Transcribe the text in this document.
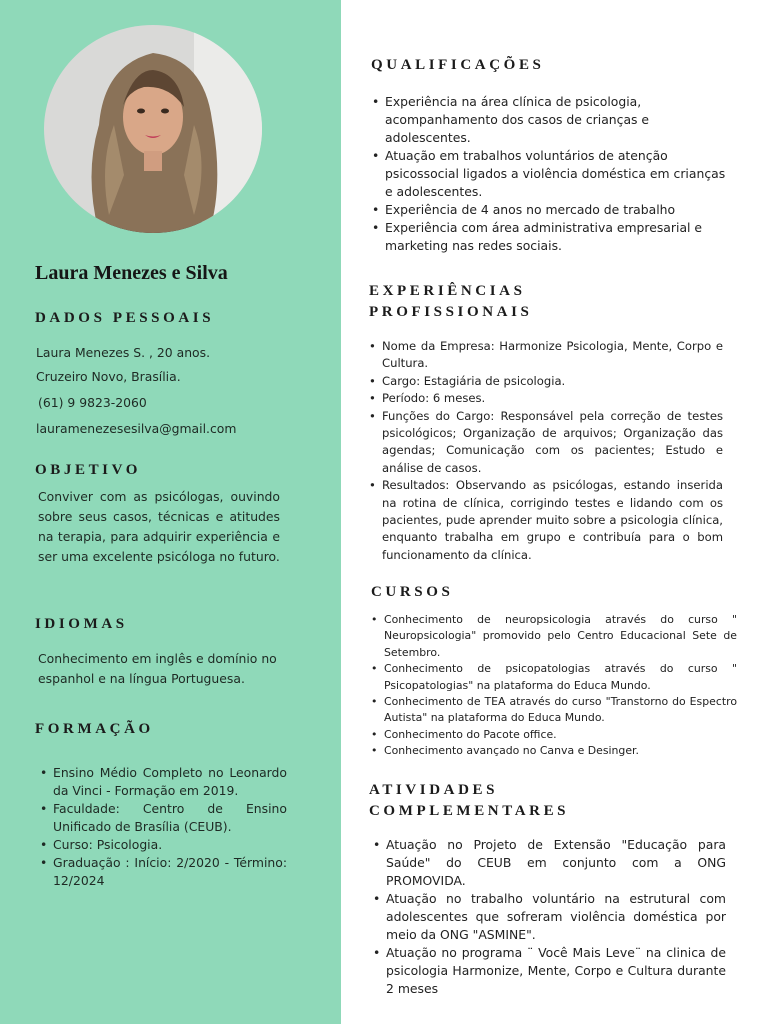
Laura Menezes e Silva
DADOS PESSOAIS

Laura Menezes S. , 20 anos.

Cruzeiro Novo, Brasília.

(61) 9 9823-2060

lauramenezesesilva@gmail.com

OBJETIVO

Conviver com as psicólogas, ouvindo sobre seus casos, técnicas e atitudes na terapia, para adquirir experiência e ser uma excelente psicóloga no futuro.

IDIOMAS

Conhecimento em inglês e domínio no espanhol e na língua Portuguesa.

FORMAÇÃO
• Ensino Médio Completo no Leonardo da Vinci - Formação em 2019.
• Faculdade: Centro de Ensino Unificado de Brasília (CEUB).
• Curso: Psicologia.
• Graduação : Início: 2/2020 - Término: 12/2024
QUALIFICAÇÕES
• Experiência na área clínica de psicologia, acompanhamento dos casos de crianças e adolescentes.
• Atuação em trabalhos voluntários de atenção psicossocial ligados a violência doméstica em crianças e adolescentes.
• Experiência de 4 anos no mercado de trabalho
• Experiência com área administrativa empresarial e marketing nas redes sociais.
EXPERIÊNCIAS
PROFISSIONAIS
• Nome da Empresa: Harmonize Psicologia, Mente, Corpo e Cultura.
• Cargo: Estagiária de psicologia.
• Período: 6 meses.
• Funções do Cargo: Responsável pela correção de testes psicológicos; Organização de arquivos; Organização das agendas; Comunicação com os pacientes; Estudo e análise de casos.
• Resultados: Observando as psicólogas, estando inserida na rotina de clínica, corrigindo testes e lidando com os pacientes, pude aprender muito sobre a psicologia clínica, enquanto trabalha em grupo e contribuía para o bom funcionamento da clínica.
CURSOS
• Conhecimento de neuropsicologia através do curso " Neuropsicologia" promovido pelo Centro Educacional Sete de Setembro.
• Conhecimento de psicopatologias através do curso " Psicopatologias" na plataforma do Educa Mundo.
• Conhecimento de TEA através do curso "Transtorno do Espectro Autista" na plataforma do Educa Mundo.
• Conhecimento do Pacote office.
• Conhecimento avançado no Canva e Desinger.
ATIVIDADES
COMPLEMENTARES
• Atuação no Projeto de Extensão "Educação para Saúde" do CEUB em conjunto com a ONG PROMOVIDA.
• Atuação no trabalho voluntário na estrutural com adolescentes que sofreram violência doméstica por meio da ONG "ASMINE".
• Atuação no programa ¨ Você Mais Leve¨ na clinica de psicologia Harmonize, Mente, Corpo e Cultura durante 2 meses
